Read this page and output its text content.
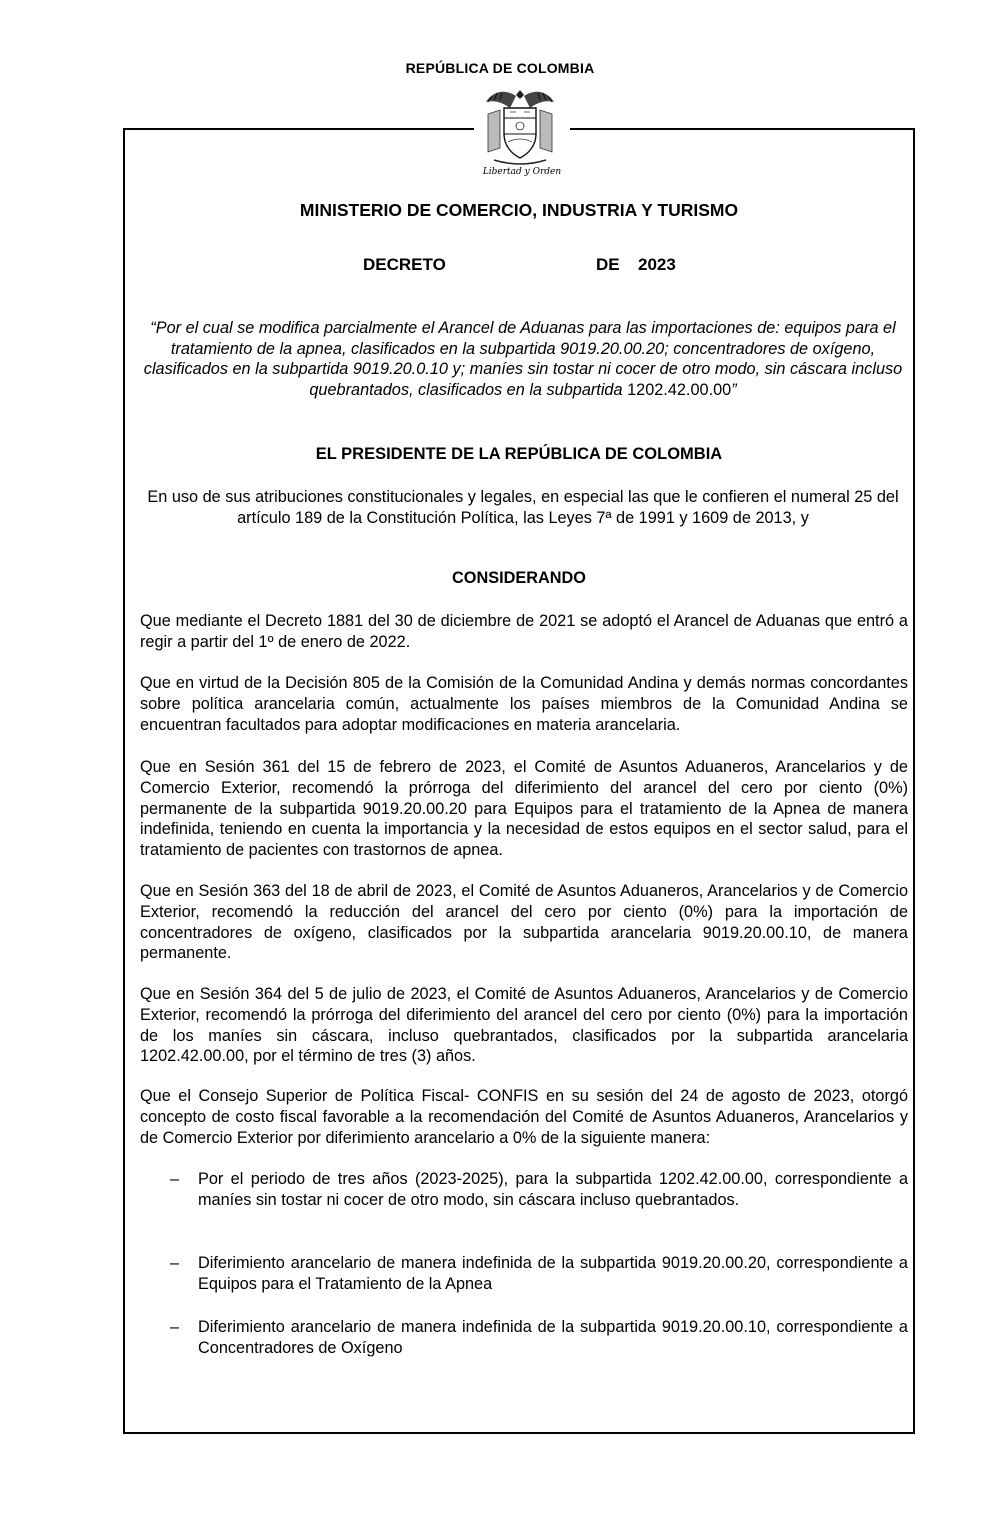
REPÚBLICA DE COLOMBIA
Libertad y Orden
MINISTERIO DE COMERCIO, INDUSTRIA Y TURISMO
DECRETO	DE 2023
“Por el cual se modifica parcialmente el Arancel de Aduanas para las importaciones de: equipos para el tratamiento de la apnea, clasificados en la subpartida 9019.20.00.20; concentradores de oxígeno, clasificados en la subpartida 9019.20.0.10 y; maníes sin tostar ni cocer de otro modo, sin cáscara incluso quebrantados, clasificados en la subpartida 1202.42.00.00”
EL PRESIDENTE DE LA REPÚBLICA DE COLOMBIA
En uso de sus atribuciones constitucionales y legales, en especial las que le confieren el numeral 25 del artículo 189 de la Constitución Política, las Leyes 7ª de 1991 y 1609 de 2013, y
CONSIDERANDO
Que mediante el Decreto 1881 del 30 de diciembre de 2021 se adoptó el Arancel de Aduanas que entró a regir a partir del 1º de enero de 2022.
Que en virtud de la Decisión 805 de la Comisión de la Comunidad Andina y demás normas concordantes sobre política arancelaria común, actualmente los países miembros de la Comunidad Andina se encuentran facultados para adoptar modificaciones en materia arancelaria.
Que en Sesión 361 del 15 de febrero de 2023, el Comité de Asuntos Aduaneros, Arancelarios y de Comercio Exterior, recomendó la prórroga del diferimiento del arancel del cero por ciento (0%) permanente de la subpartida 9019.20.00.20 para Equipos para el tratamiento de la Apnea de manera indefinida, teniendo en cuenta la importancia y la necesidad de estos equipos en el sector salud, para el tratamiento de pacientes con trastornos de apnea.
Que en Sesión 363 del 18 de abril de 2023, el Comité de Asuntos Aduaneros, Arancelarios y de Comercio Exterior, recomendó la reducción del arancel del cero por ciento (0%) para la importación de concentradores de oxígeno, clasificados por la subpartida arancelaria 9019.20.00.10, de manera permanente.
Que en Sesión 364 del 5 de julio de 2023, el Comité de Asuntos Aduaneros, Arancelarios y de Comercio Exterior, recomendó la prórroga del diferimiento del arancel del cero por ciento (0%) para la importación de los maníes sin cáscara, incluso quebrantados, clasificados por la subpartida arancelaria 1202.42.00.00, por el término de tres (3) años.
Que el Consejo Superior de Política Fiscal- CONFIS en su sesión del 24 de agosto de 2023, otorgó concepto de costo fiscal favorable a la recomendación del Comité de Asuntos Aduaneros, Arancelarios y de Comercio Exterior por diferimiento arancelario a 0% de la siguiente manera:
–	Por el periodo de tres años (2023-2025), para la subpartida 1202.42.00.00, correspondiente a maníes sin tostar ni cocer de otro modo, sin cáscara incluso quebrantados.
–	Diferimiento arancelario de manera indefinida de la subpartida 9019.20.00.20, correspondiente a Equipos para el Tratamiento de la Apnea
–	Diferimiento arancelario de manera indefinida de la subpartida 9019.20.00.10, correspondiente a Concentradores de Oxígeno
